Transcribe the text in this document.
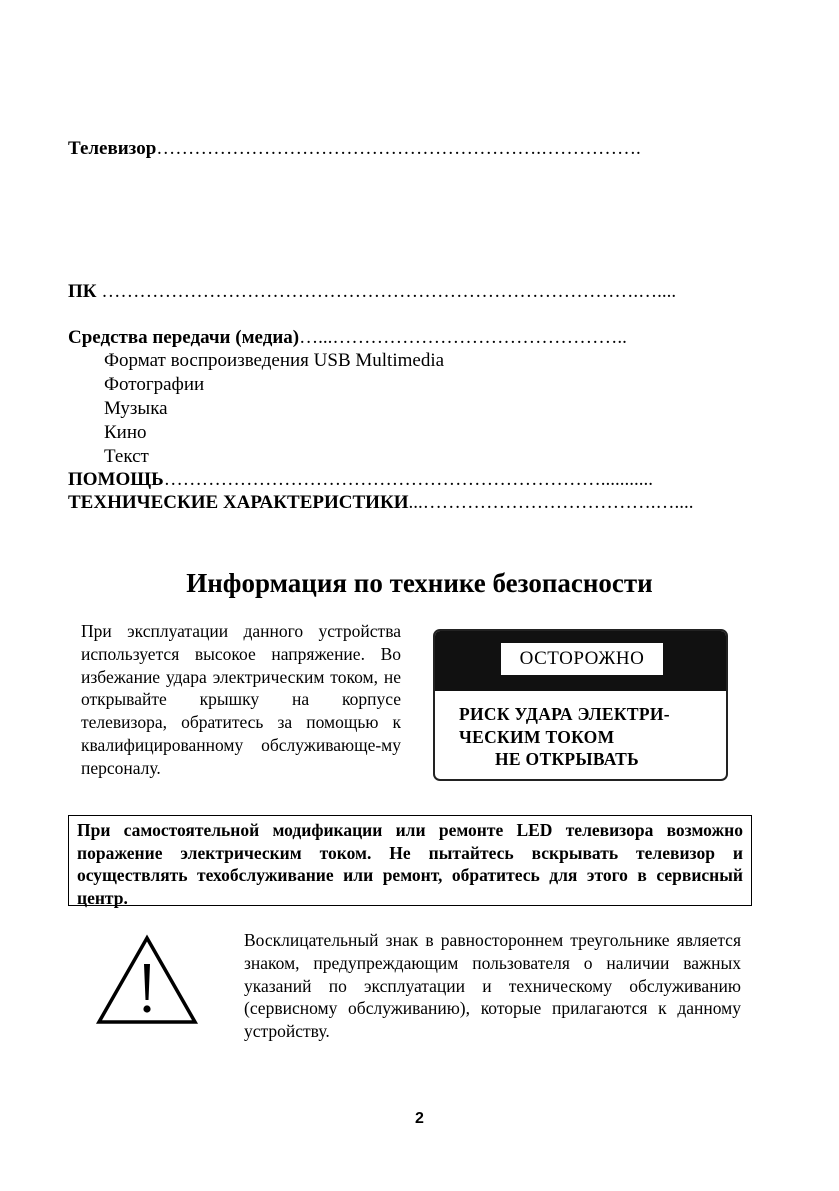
Телевизор…………………………………………………….…………….
ПК ………………………………………………………………………….…....
Средства передачи (медиа)…...………………………………………..
Формат воспроизведения USB Multimedia
Фотографии
Музыка
Кино
Текст
ПОМОЩЬ……………………………………………………………...........
ТЕХНИЧЕСКИЕ ХАРАКТЕРИСТИКИ...……………………………….…....
Информация по технике безопасности
При эксплуатации данного устройства используется высокое напряжение. Во избежание удара электрическим током, не открывайте крышку на корпусе телевизора, обратитесь за помощью к квалифицированному обслуживающе-му персоналу.
ОСТОРОЖНО
РИСК УДАРА ЭЛЕКТРИ-
ЧЕСКИМ ТОКОМ
НЕ ОТКРЫВАТЬ
При самостоятельной модификации или ремонте LED телевизора возможно поражение электрическим током. Не пытайтесь вскрывать телевизор и осуществлять техобслуживание или ремонт, обратитесь для этого в сервисный центр.
Восклицательный знак в равностороннем треугольнике является знаком, предупреждающим пользователя о наличии важных указаний по эксплуатации и техническому обслуживанию (сервисному обслуживанию), которые прилагаются к данному устройству.
2
